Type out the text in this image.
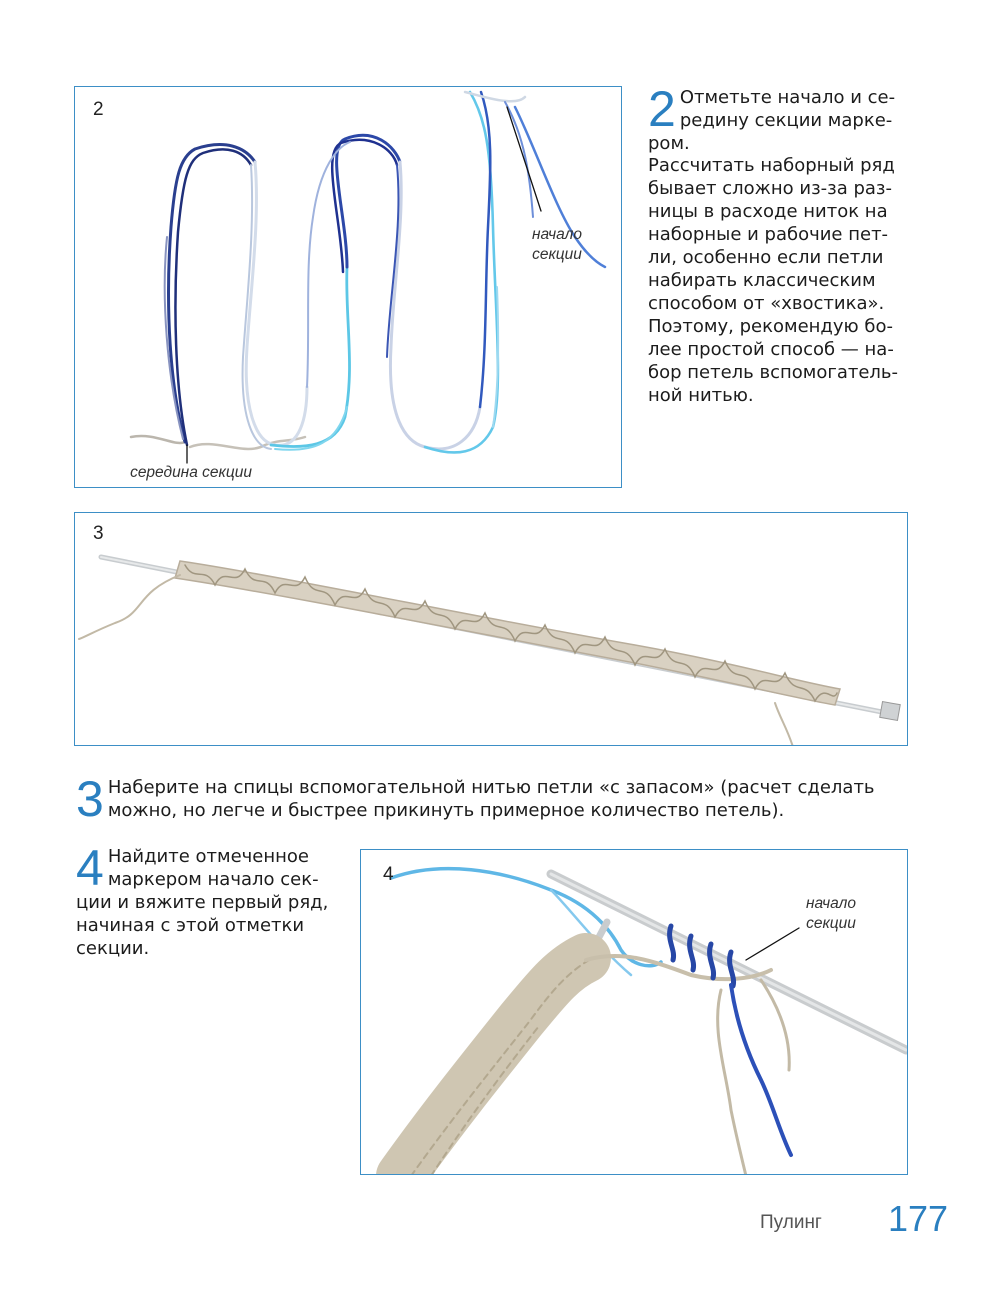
2
начало
секции
середина секции
2 Отметьте начало и се-
редину секции марке-
ром.

Рассчитать наборный ряд
бывает сложно из-за раз-
ницы в расходе ниток на
наборные и рабочие пет-
ли, особенно если петли
набирать классическим
способом от «хвостика».
Поэтому, рекомендую бо-
лее простой способ — на-
бор петель вспомогатель-
ной нитью.

3
3 Наберите на спицы вспомогательной нитью петли «с запасом» (расчет сделать
можно, но легче и быстрее прикинуть примерное количество петель).

4 Найдите отмеченное
маркером начало сек-
ции и вяжите первый ряд,
начиная с этой отметки
секции.

4
начало
секции
Пулинг 177
